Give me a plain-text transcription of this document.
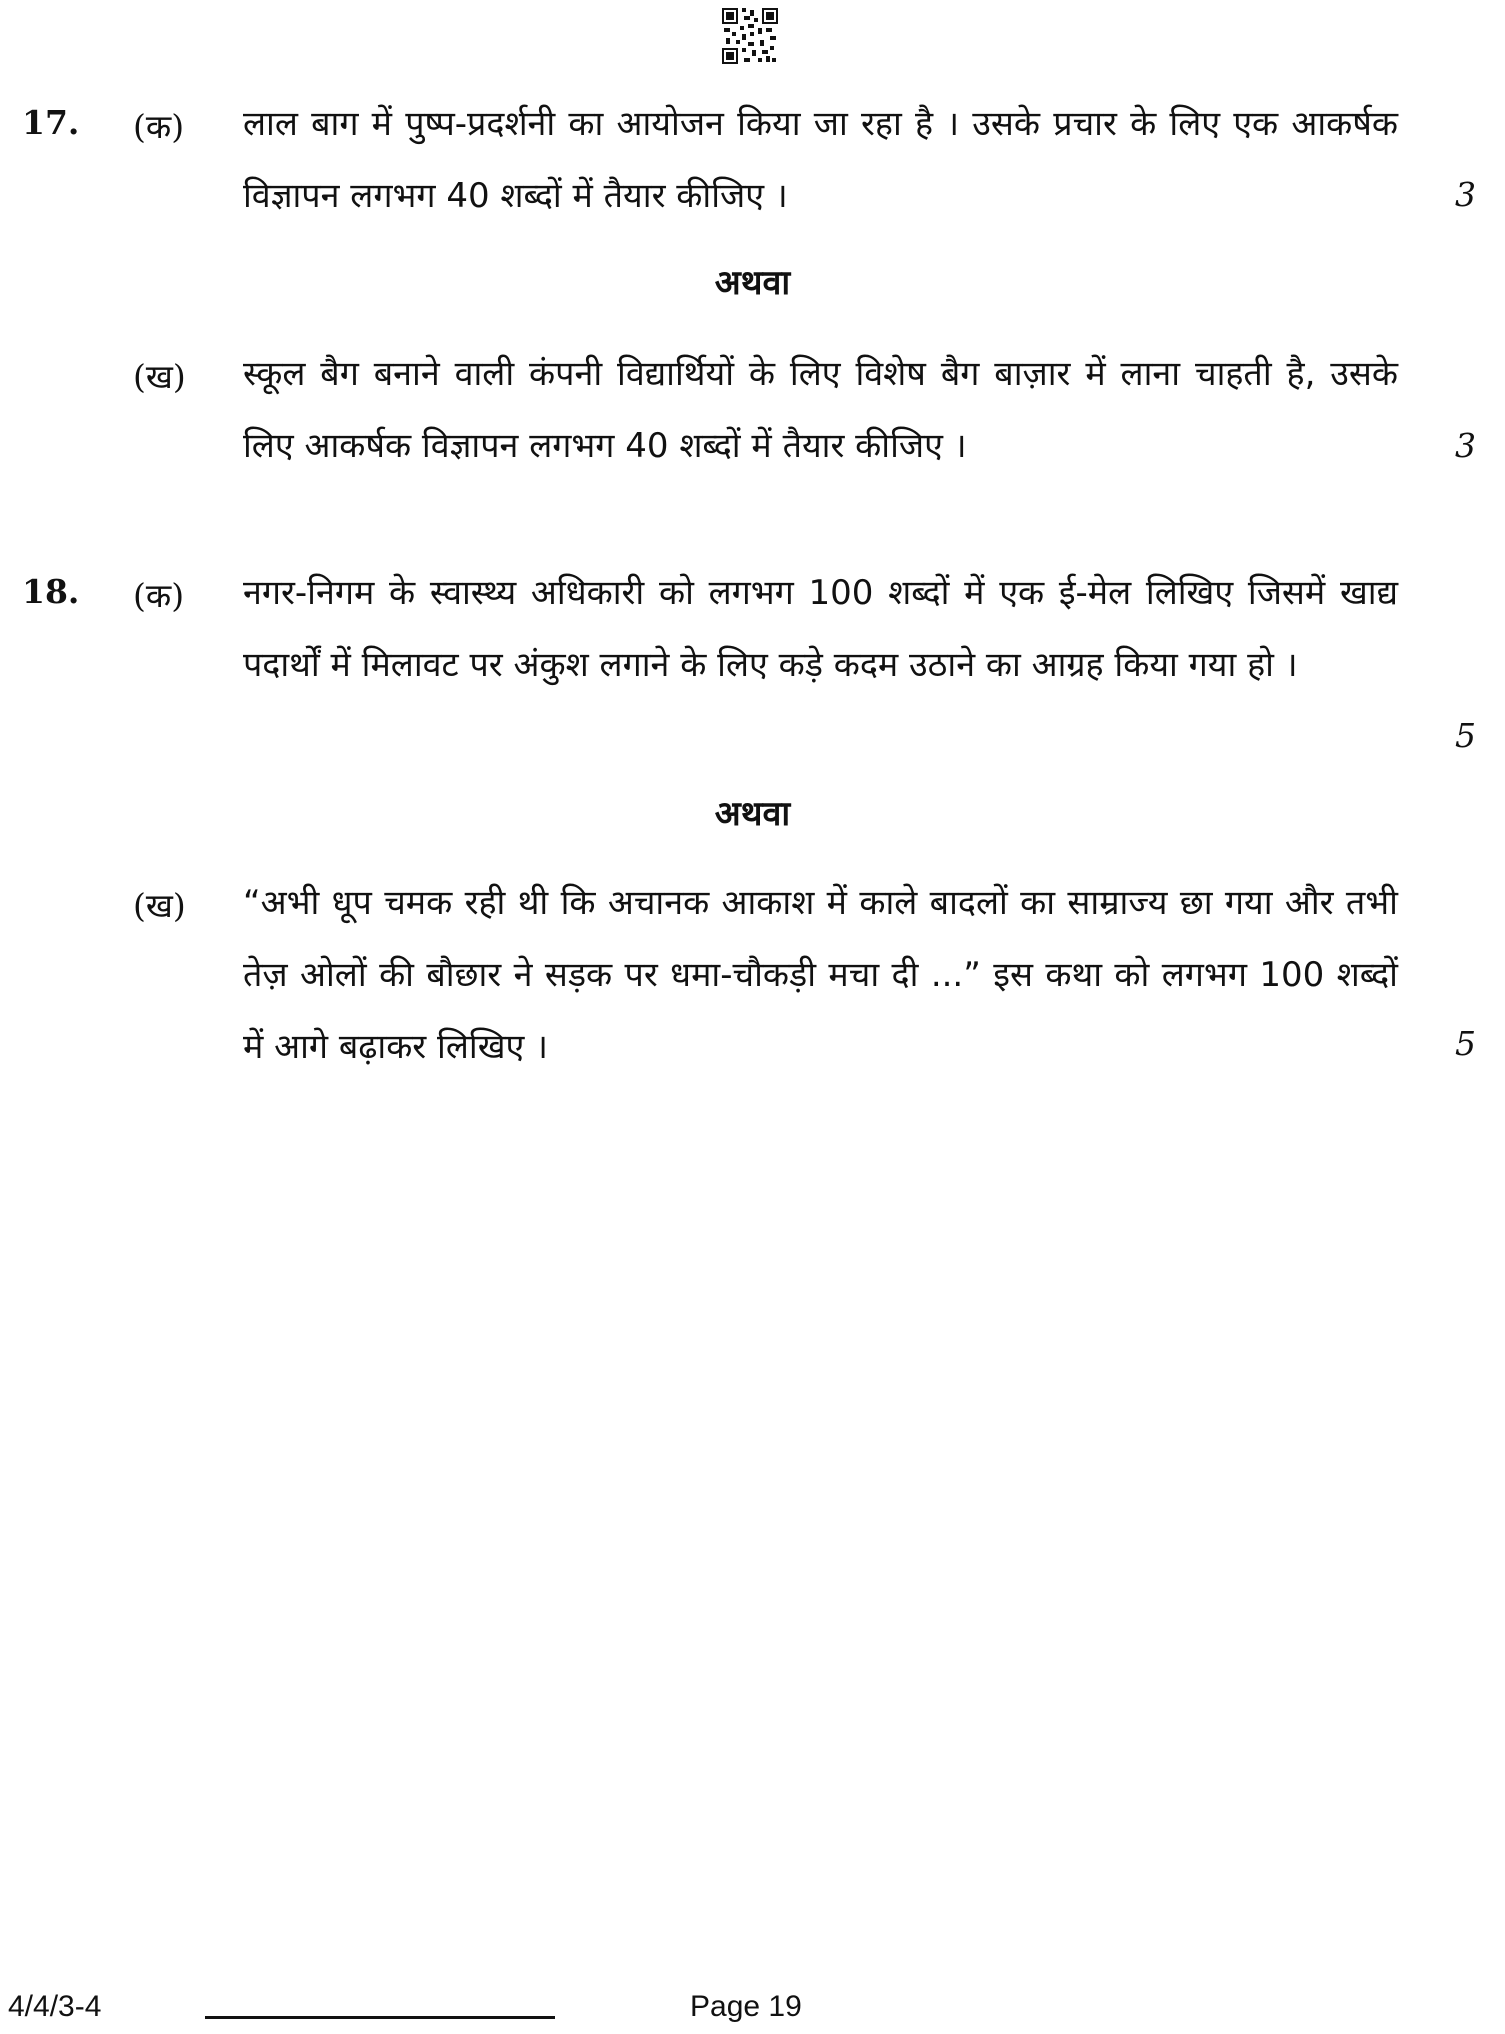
17. (क) लाल बाग में पुष्प-प्रदर्शनी का आयोजन किया जा रहा है । उसके प्रचार के लिए एक आकर्षक विज्ञापन लगभग 40 शब्दों में तैयार कीजिए ।	3
अथवा
(ख) स्कूल बैग बनाने वाली कंपनी विद्यार्थियों के लिए विशेष बैग बाज़ार में लाना चाहती है, उसके लिए आकर्षक विज्ञापन लगभग 40 शब्दों में तैयार कीजिए ।	3
18. (क) नगर-निगम के स्वास्थ्य अधिकारी को लगभग 100 शब्दों में एक ई-मेल लिखिए जिसमें खाद्य पदार्थों में मिलावट पर अंकुश लगाने के लिए कड़े कदम उठाने का आग्रह किया गया हो ।

5
अथवा
(ख) “अभी धूप चमक रही थी कि अचानक आकाश में काले बादलों का साम्राज्य छा गया और तभी तेज़ ओलों की बौछार ने सड़क पर धमा-चौकड़ी मचा दी ...” इस कथा को लगभग 100 शब्दों में आगे बढ़ाकर लिखिए ।	5
4/4/3-4	Page 19
